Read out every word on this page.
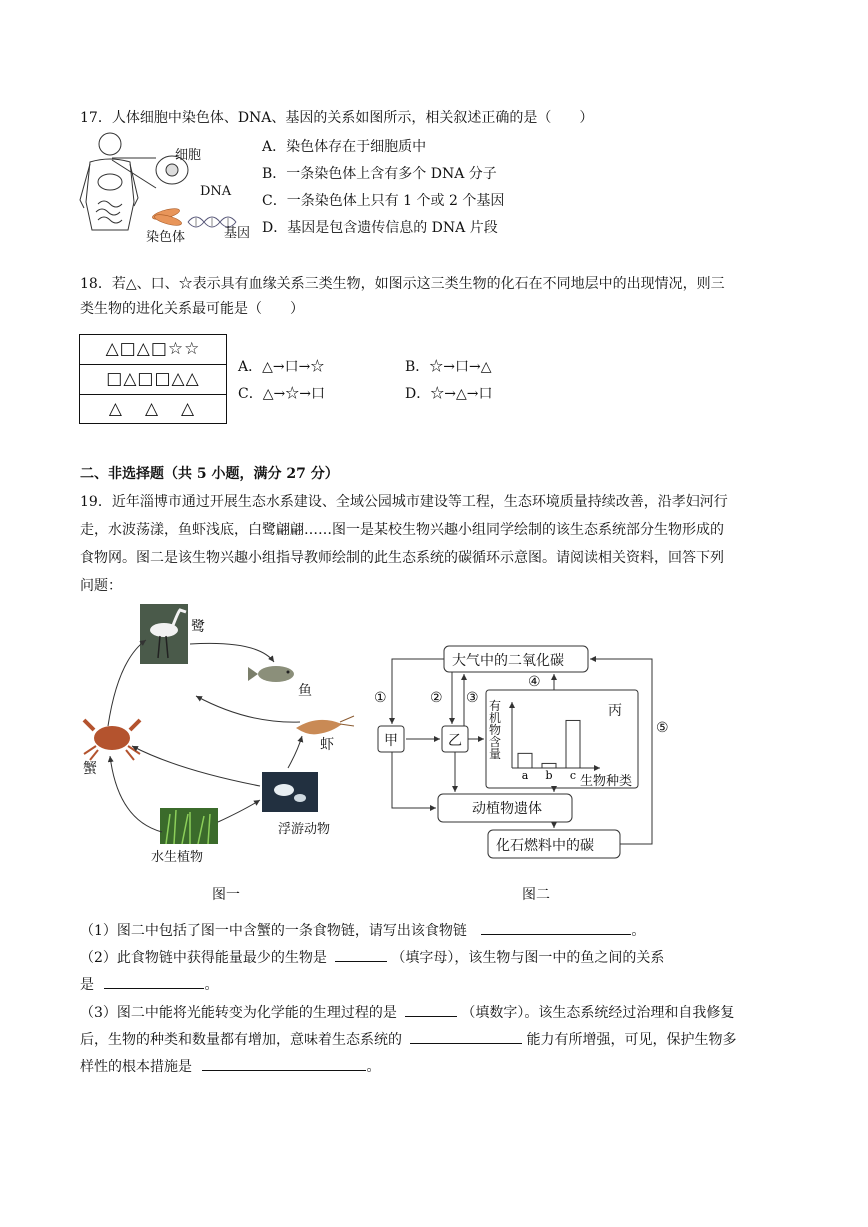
17．人体细胞中染色体、DNA、基因的关系如图所示，相关叙述正确的是（　　）
细胞
DNA
染色体	基因
A．染色体存在于细胞质中
B．一条染色体上含有多个 DNA 分子
C．一条染色体上只有 1 个或 2 个基因
D．基因是包含遗传信息的 DNA 片段
18．若△、口、☆表示具有血缘关系三类生物，如图示这三类生物的化石在不同地层中的出现情况，则三
类生物的进化关系最可能是（　　）
△□△□☆☆
□△□□△△
△　△　△
A．△→口→☆	B．☆→口→△
C．△→☆→口	D．☆→△→口
二、非选择题（共 5 小题，满分 27 分）
19．近年淄博市通过开展生态水系建设、全域公园城市建设等工程，生态环境质量持续改善，沿孝妇河行
走，水波荡漾，鱼虾浅底，白鹭翩翩……图一是某校生物兴趣小组同学绘制的该生态系统部分生物形成的
食物网。图二是该生物兴趣小组指导教师绘制的此生态系统的碳循环示意图。请阅读相关资料，回答下列
问题：
鹭
鱼
虾
蟹
浮游动物
水生植物
图一
a b c
大气中的二氧化碳
甲	乙
丙
动植物遗体
化石燃料中的碳
①	② ③
④
⑤
有机物含量
生物种类
图二
（1）图二中包括了图一中含蟹的一条食物链，请写出该食物链	。
（2）此食物链中获得能量最少的生物是	（填字母），该生物与图一中的鱼之间的关系
是	。
（3）图二中能将光能转变为化学能的生理过程的是	（填数字）。该生态系统经过治理和自我修复
后，生物的种类和数量都有增加，意味着生态系统的	能力有所增强，可见，保护生物多
样性的根本措施是	。
